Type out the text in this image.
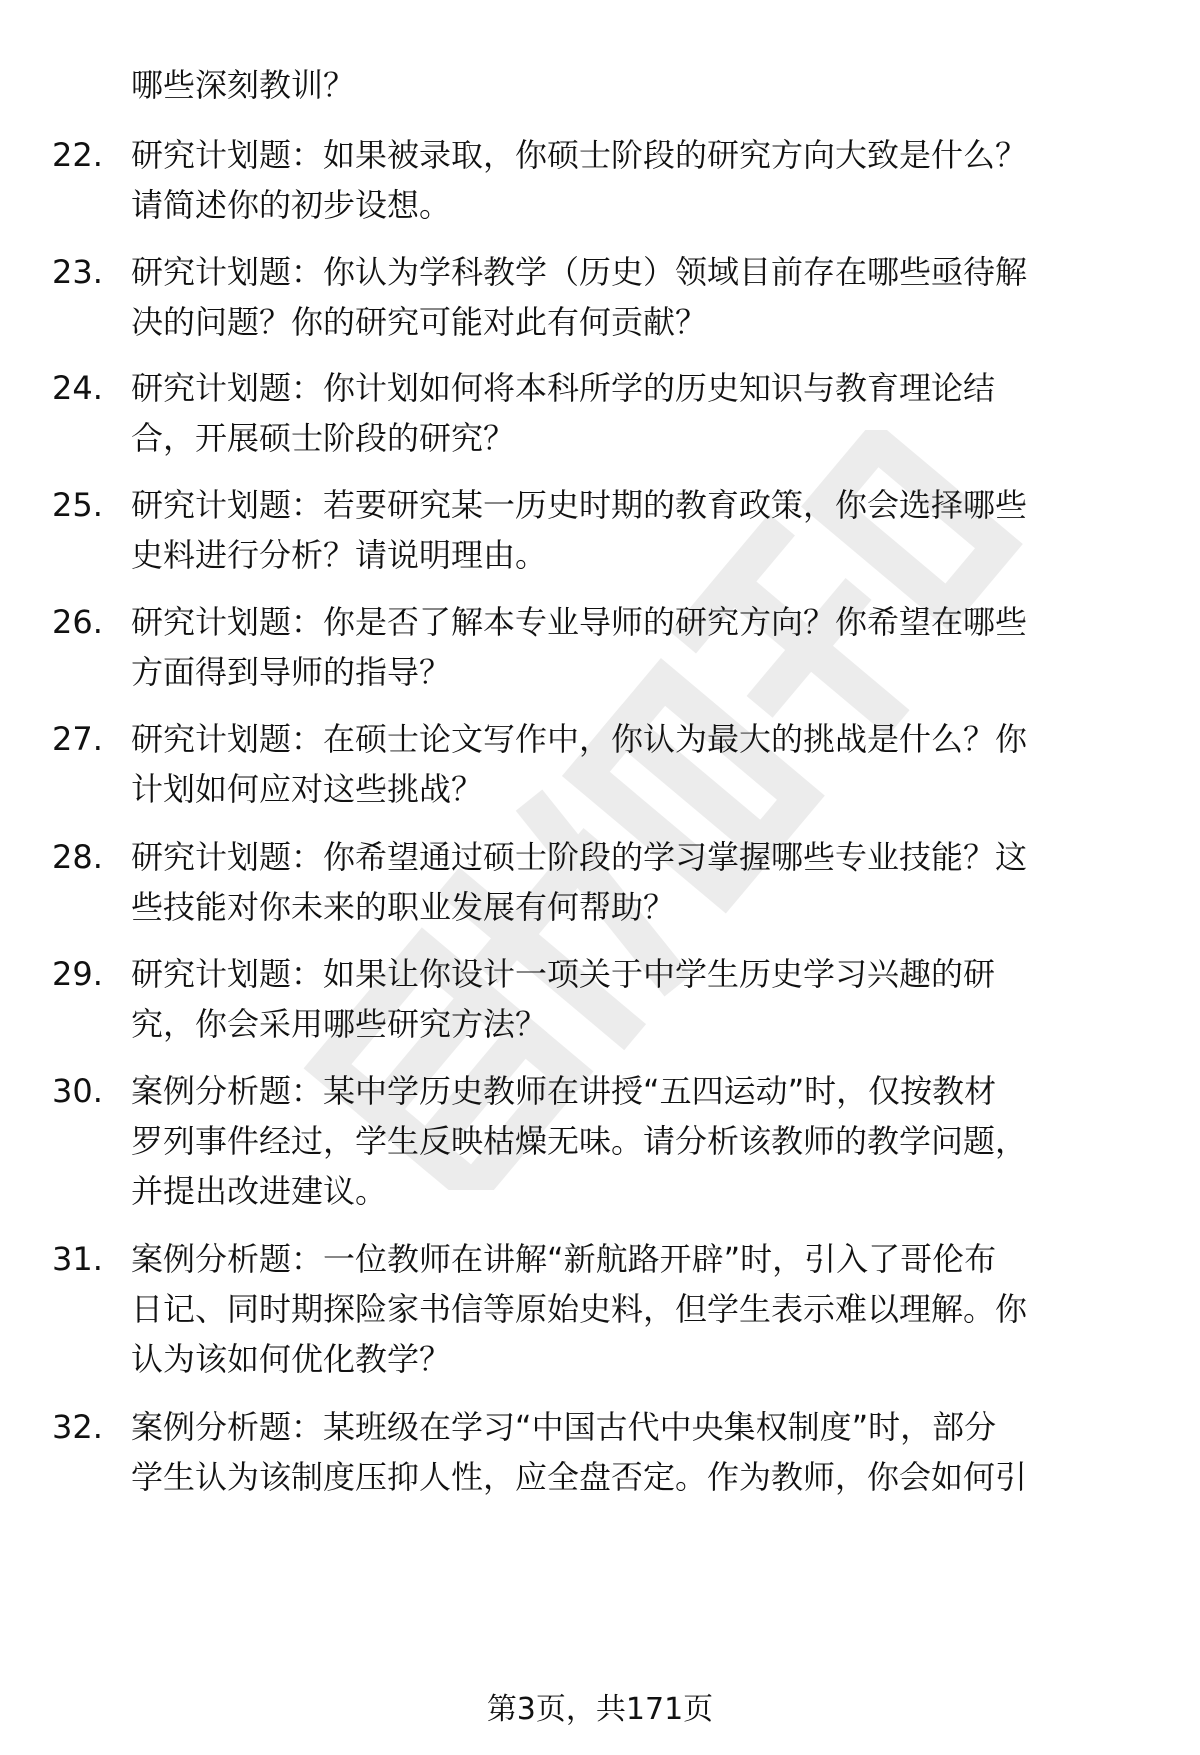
哪些深刻教训？
22. 研究计划题：如果被录取，你硕士阶段的研究方向大致是什么？
请简述你的初步设想。
23. 研究计划题：你认为学科教学（历史）领域目前存在哪些亟待解
决的问题？你的研究可能对此有何贡献？
24. 研究计划题：你计划如何将本科所学的历史知识与教育理论结
合，开展硕士阶段的研究？
25. 研究计划题：若要研究某一历史时期的教育政策，你会选择哪些
史料进行分析？请说明理由。
26. 研究计划题：你是否了解本专业导师的研究方向？你希望在哪些
方面得到导师的指导？
27. 研究计划题：在硕士论文写作中，你认为最大的挑战是什么？你
计划如何应对这些挑战？
28. 研究计划题：你希望通过硕士阶段的学习掌握哪些专业技能？这
些技能对你未来的职业发展有何帮助？
29. 研究计划题：如果让你设计一项关于中学生历史学习兴趣的研
究，你会采用哪些研究方法？
30. 案例分析题：某中学历史教师在讲授“五四运动”时，仅按教材
罗列事件经过，学生反映枯燥无味。请分析该教师的教学问题，
并提出改进建议。
31. 案例分析题：一位教师在讲解“新航路开辟”时，引入了哥伦布
日记、同时期探险家书信等原始史料，但学生表示难以理解。你
认为该如何优化教学？
32. 案例分析题：某班级在学习“中国古代中央集权制度”时，部分
学生认为该制度压抑人性，应全盘否定。作为教师，你会如何引
第3页，共171页
